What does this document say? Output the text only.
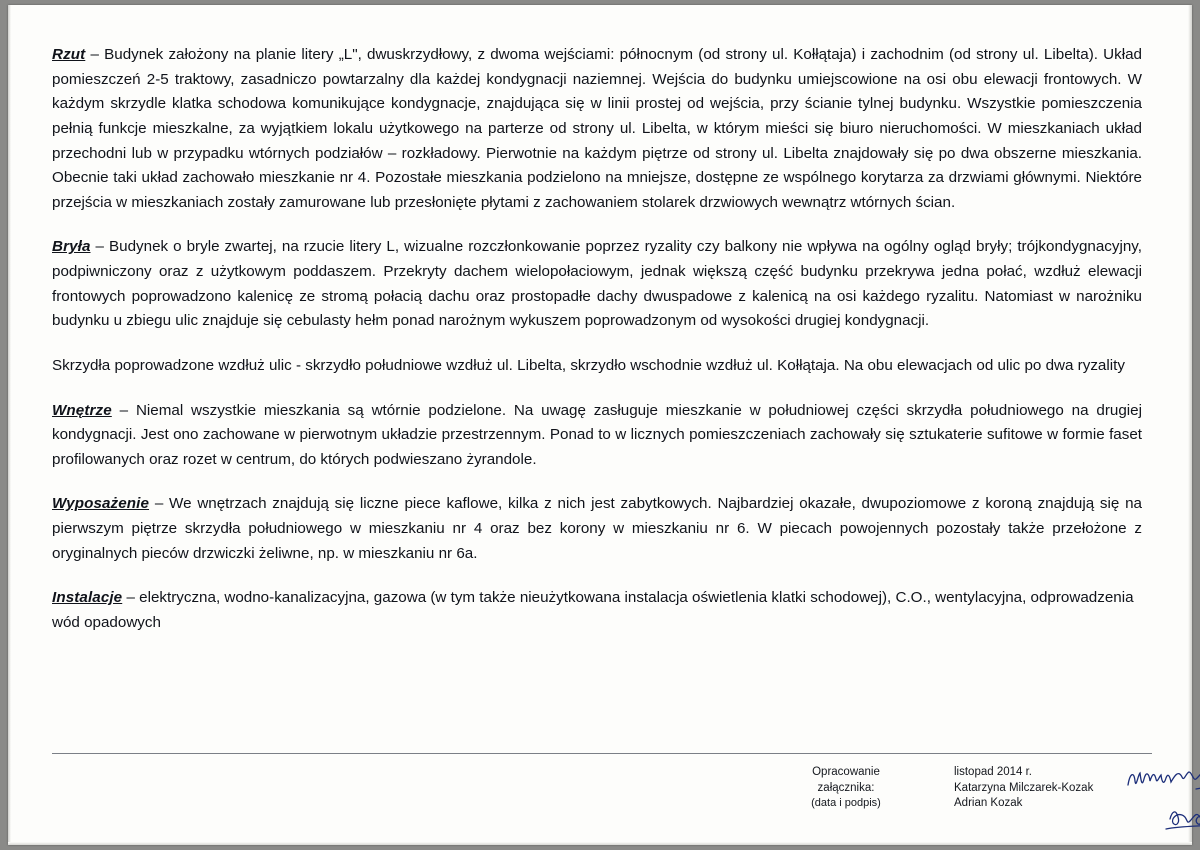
Rzut – Budynek założony na planie litery „L", dwuskrzydłowy, z dwoma wejściami: północnym (od strony ul. Kołłątaja) i zachodnim (od strony ul. Libelta). Układ pomieszczeń 2-5 traktowy, zasadniczo powtarzalny dla każdej kondygnacji naziemnej. Wejścia do budynku umiejscowione na osi obu elewacji frontowych. W każdym skrzydle klatka schodowa komunikujące kondygnacje, znajdująca się w linii prostej od wejścia, przy ścianie tylnej budynku. Wszystkie pomieszczenia pełnią funkcje mieszkalne, za wyjątkiem lokalu użytkowego na parterze od strony ul. Libelta, w którym mieści się biuro nieruchomości. W mieszkaniach układ przechodni lub w przypadku wtórnych podziałów – rozkładowy. Pierwotnie na każdym piętrze od strony ul. Libelta znajdowały się po dwa obszerne mieszkania. Obecnie taki układ zachowało mieszkanie nr 4. Pozostałe mieszkania podzielono na mniejsze, dostępne ze wspólnego korytarza za drzwiami głównymi. Niektóre przejścia w mieszkaniach zostały zamurowane lub przesłonięte płytami z zachowaniem stolarek drzwiowych wewnątrz wtórnych ścian.

Bryła – Budynek o bryle zwartej, na rzucie litery L, wizualne rozczłonkowanie poprzez ryzality czy balkony nie wpływa na ogólny ogląd bryły; trójkondygnacyjny, podpiwniczony oraz z użytkowym poddaszem. Przekryty dachem wielopołaciowym, jednak większą część budynku przekrywa jedna połać, wzdłuż elewacji frontowych poprowadzono kalenicę ze stromą połacią dachu oraz prostopadłe dachy dwuspadowe z kalenicą na osi każdego ryzalitu. Natomiast w narożniku budynku u zbiegu ulic znajduje się cebulasty hełm ponad narożnym wykuszem poprowadzonym od wysokości drugiej kondygnacji.

Skrzydła poprowadzone wzdłuż ulic - skrzydło południowe wzdłuż ul. Libelta, skrzydło wschodnie wzdłuż ul. Kołłątaja. Na obu elewacjach od ulic po dwa ryzality

Wnętrze – Niemal wszystkie mieszkania są wtórnie podzielone. Na uwagę zasługuje mieszkanie w południowej części skrzydła południowego na drugiej kondygnacji. Jest ono zachowane w pierwotnym układzie przestrzennym. Ponad to w licznych pomieszczeniach zachowały się sztukaterie sufitowe w formie faset profilowanych oraz rozet w centrum, do których podwieszano żyrandole.

Wyposażenie – We wnętrzach znajdują się liczne piece kaflowe, kilka z nich jest zabytkowych. Najbardziej okazałe, dwupoziomowe z koroną znajdują się na pierwszym piętrze skrzydła południowego w mieszkaniu nr 4 oraz bez korony w mieszkaniu nr 6. W piecach powojennych pozostały także przełożone z oryginalnych pieców drzwiczki żeliwne, np. w mieszkaniu nr 6a.

Instalacje – elektryczna, wodno-kanalizacyjna, gazowa (w tym także nieużytkowana instalacja oświetlenia klatki schodowej), C.O., wentylacyjna, odprowadzenia wód opadowych

Opracowanie
załącznika:
(data i podpis)
listopad 2014 r.
Katarzyna Milczarek-Kozak
Adrian Kozak
